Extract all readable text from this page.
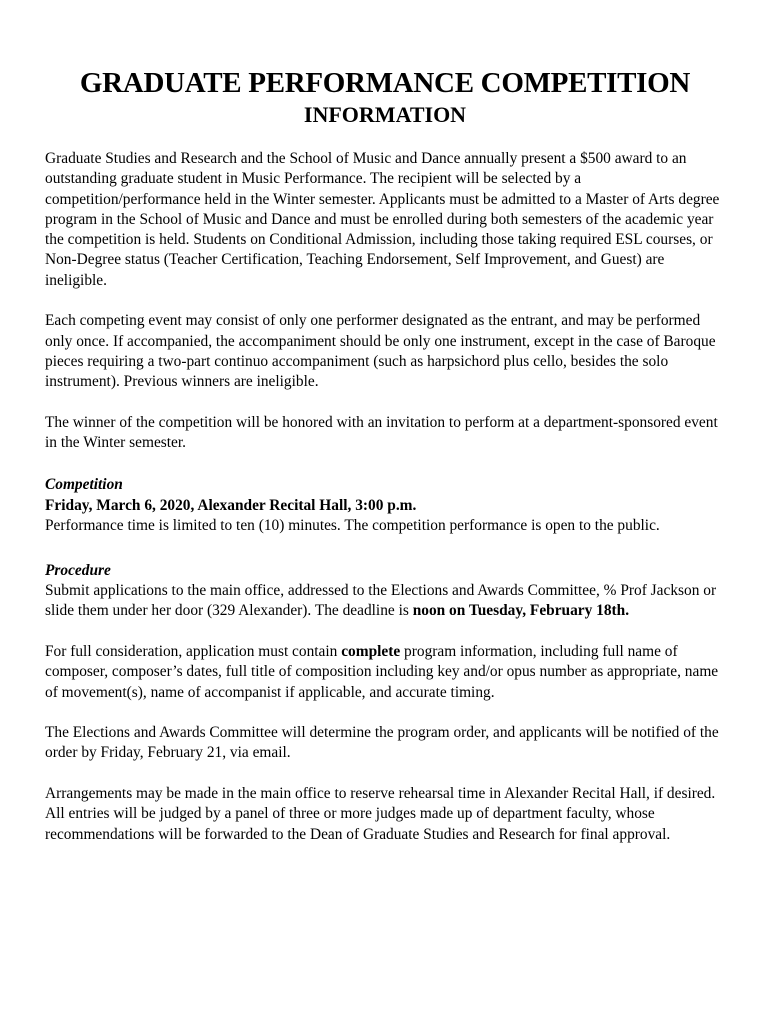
GRADUATE PERFORMANCE COMPETITION
INFORMATION

Graduate Studies and Research and the School of Music and Dance annually present a $500 award to an outstanding graduate student in Music Performance. The recipient will be selected by a competition/performance held in the Winter semester. Applicants must be admitted to a Master of Arts degree program in the School of Music and Dance and must be enrolled during both semesters of the academic year the competition is held. Students on Conditional Admission, including those taking required ESL courses, or Non-Degree status (Teacher Certification, Teaching Endorsement, Self Improvement, and Guest) are ineligible.

Each competing event may consist of only one performer designated as the entrant, and may be performed only once. If accompanied, the accompaniment should be only one instrument, except in the case of Baroque pieces requiring a two-part continuo accompaniment (such as harpsichord plus cello, besides the solo instrument). Previous winners are ineligible.

The winner of the competition will be honored with an invitation to perform at a department-sponsored event in the Winter semester.

Competition
Friday, March 6, 2020, Alexander Recital Hall, 3:00 p.m.
Performance time is limited to ten (10) minutes. The competition performance is open to the public.
Procedure

Submit applications to the main office, addressed to the Elections and Awards Committee, % Prof Jackson or slide them under her door (329 Alexander). The deadline is noon on Tuesday, February 18th.

For full consideration, application must contain complete program information, including full name of composer, composer’s dates, full title of composition including key and/or opus number as appropriate, name of movement(s), name of accompanist if applicable, and accurate timing.

The Elections and Awards Committee will determine the program order, and applicants will be notified of the order by Friday, February 21, via email.

Arrangements may be made in the main office to reserve rehearsal time in Alexander Recital Hall, if desired. All entries will be judged by a panel of three or more judges made up of department faculty, whose recommendations will be forwarded to the Dean of Graduate Studies and Research for final approval.
